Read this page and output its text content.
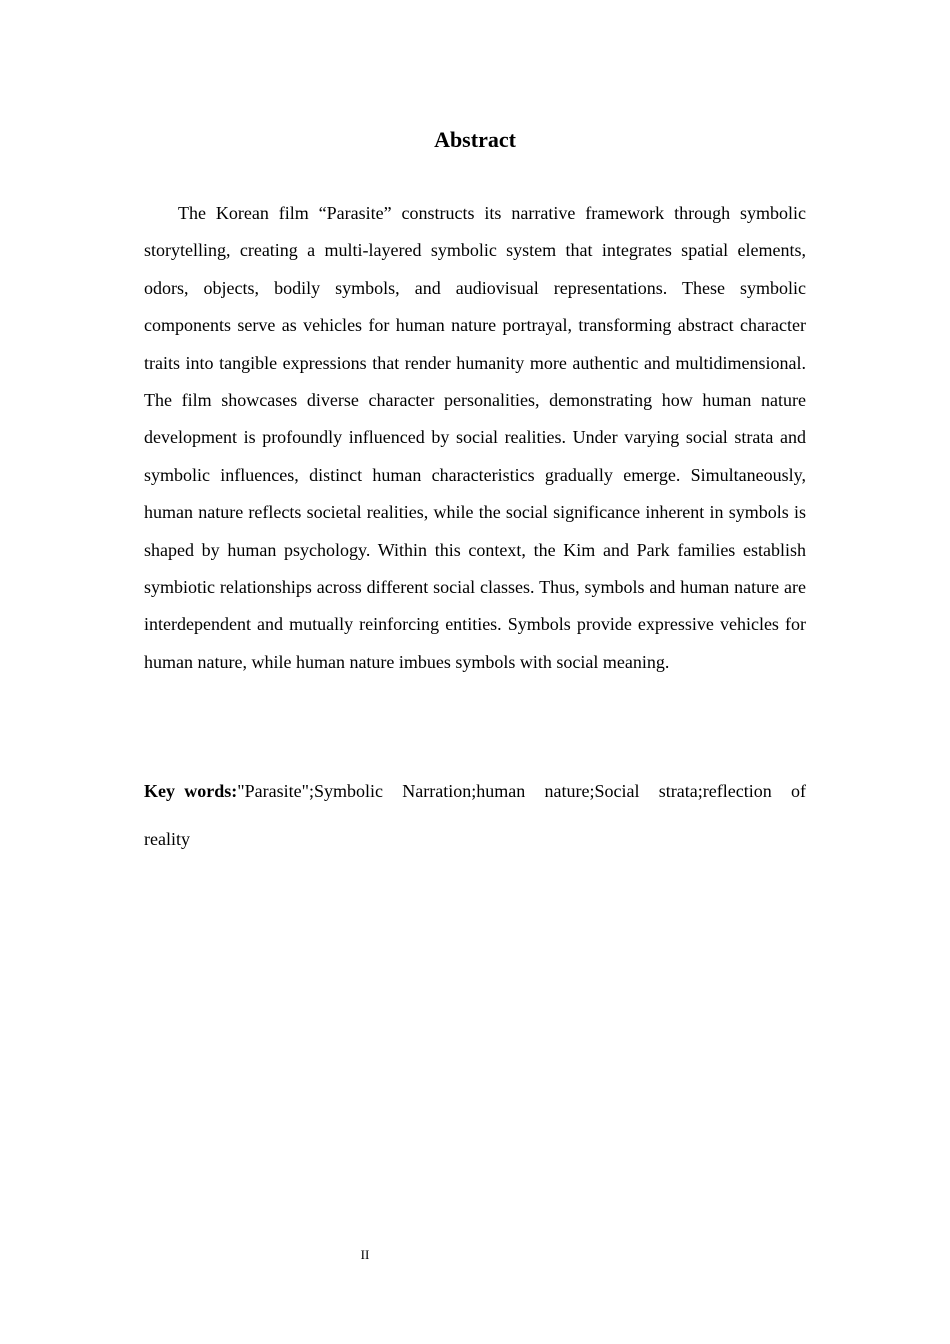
Abstract

The Korean film “Parasite” constructs its narrative framework through symbolic storytelling, creating a multi-layered symbolic system that integrates spatial elements, odors, objects, bodily symbols, and audiovisual representations. These symbolic components serve as vehicles for human nature portrayal, transforming abstract character traits into tangible expressions that render humanity more authentic and multidimensional. The film showcases diverse character personalities, demonstrating how human nature development is profoundly influenced by social realities. Under varying social strata and symbolic influences, distinct human characteristics gradually emerge. Simultaneously, human nature reflects societal realities, while the social significance inherent in symbols is shaped by human psychology. Within this context, the Kim and Park families establish symbiotic relationships across different social classes. Thus, symbols and human nature are interdependent and mutually reinforcing entities. Symbols provide expressive vehicles for human nature, while human nature imbues symbols with social meaning.

Key words:"Parasite";Symbolic Narration;human nature;Social strata;reflection of reality

II
